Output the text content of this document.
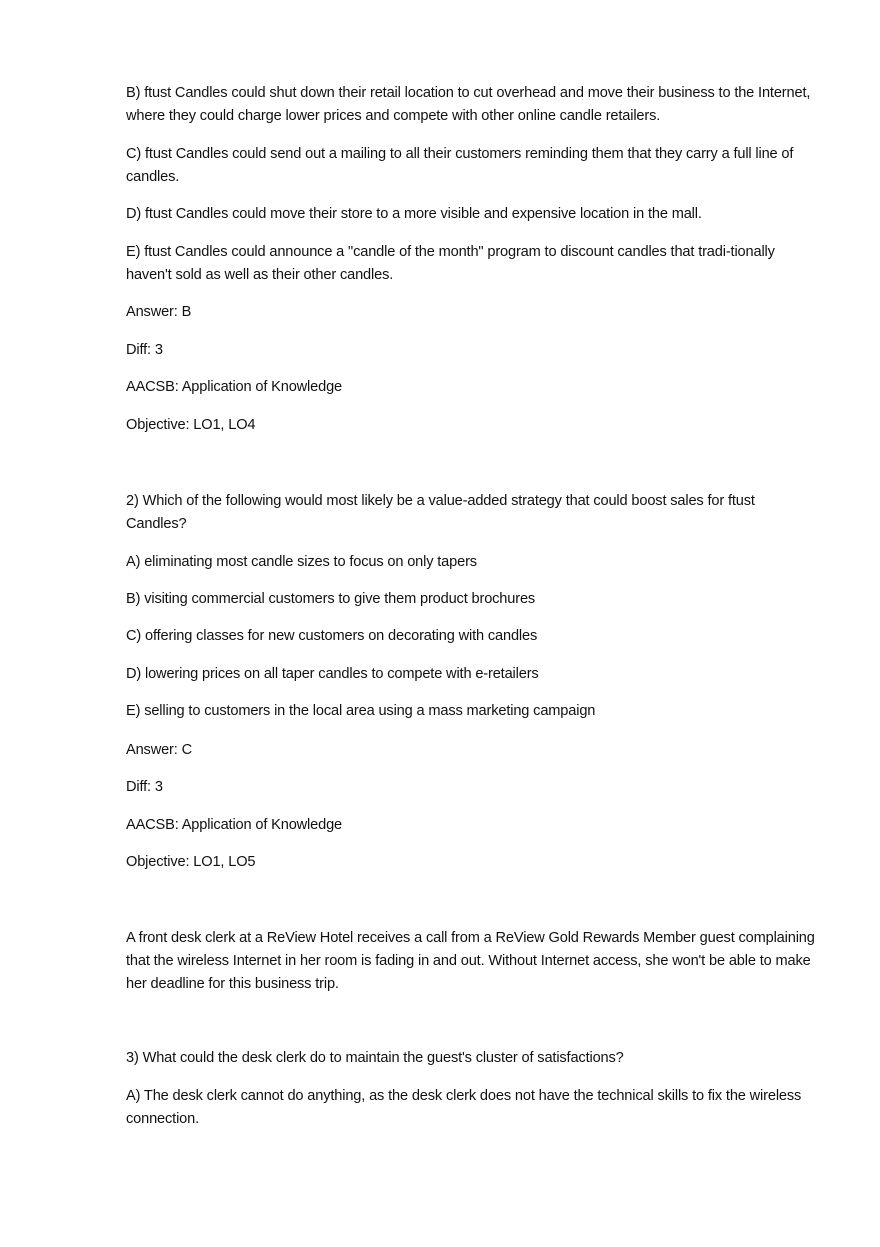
B) ftust Candles could shut down their retail location to cut overhead and move their business to the Internet, where they could charge lower prices and compete with other online candle retailers.

C) ftust Candles could send out a mailing to all their customers reminding them that they carry a full line of candles.

D) ftust Candles could move their store to a more visible and expensive location in the mall.

E) ftust Candles could announce a "candle of the month" program to discount candles that tradi-tionally haven't sold as well as their other candles.

Answer: B

Diff: 3

AACSB: Application of Knowledge

Objective: LO1, LO4

2) Which of the following would most likely be a value-added strategy that could boost sales for ftust Candles?

A) eliminating most candle sizes to focus on only tapers

B) visiting commercial customers to give them product brochures

C) offering classes for new customers on decorating with candles

D) lowering prices on all taper candles to compete with e-retailers

E) selling to customers in the local area using a mass marketing campaign

Answer: C

Diff: 3

AACSB: Application of Knowledge

Objective: LO1, LO5

A front desk clerk at a ReView Hotel receives a call from a ReView Gold Rewards Member guest complaining that the wireless Internet in her room is fading in and out. Without Internet access, she won't be able to make her deadline for this business trip.

3) What could the desk clerk do to maintain the guest's cluster of satisfactions?

A) The desk clerk cannot do anything, as the desk clerk does not have the technical skills to fix the wireless connection.
